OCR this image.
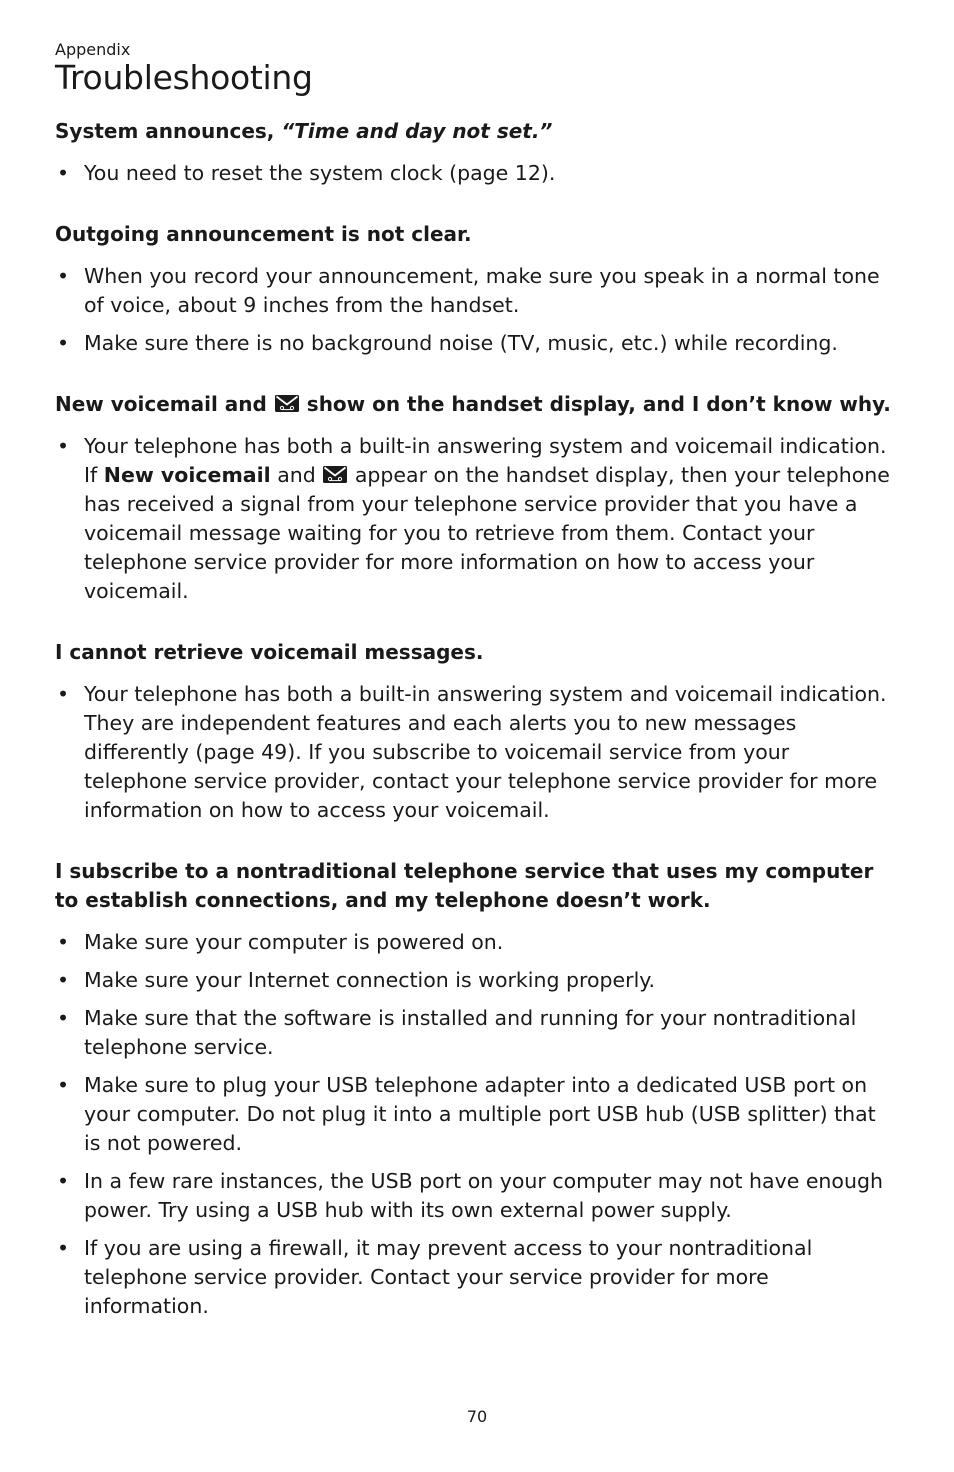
Appendix

Troubleshooting

System announces, “Time and day not set.”

• You need to reset the system clock (page 12).

Outgoing announcement is not clear.

• When you record your announcement, make sure you speak in a normal tone of voice, about 9 inches from the handset.
• Make sure there is no background noise (TV, music, etc.) while recording.

New voicemail and  show on the handset display, and I don’t know why.

• Your telephone has both a built-in answering system and voicemail indication. If New voicemail and  appear on the handset display, then your telephone has received a signal from your telephone service provider that you have a voicemail message waiting for you to retrieve from them. Contact your telephone service provider for more information on how to access your voicemail.

I cannot retrieve voicemail messages.

• Your telephone has both a built-in answering system and voicemail indication. They are independent features and each alerts you to new messages differently (page 49). If you subscribe to voicemail service from your telephone service provider, contact your telephone service provider for more information on how to access your voicemail.

I subscribe to a nontraditional telephone service that uses my computer to establish connections, and my telephone doesn’t work.

• Make sure your computer is powered on.
• Make sure your Internet connection is working properly.
• Make sure that the software is installed and running for your nontraditional telephone service.
• Make sure to plug your USB telephone adapter into a dedicated USB port on your computer. Do not plug it into a multiple port USB hub (USB splitter) that is not powered.
• In a few rare instances, the USB port on your computer may not have enough power. Try using a USB hub with its own external power supply.
• If you are using a firewall, it may prevent access to your nontraditional telephone service provider. Contact your service provider for more information.

70
